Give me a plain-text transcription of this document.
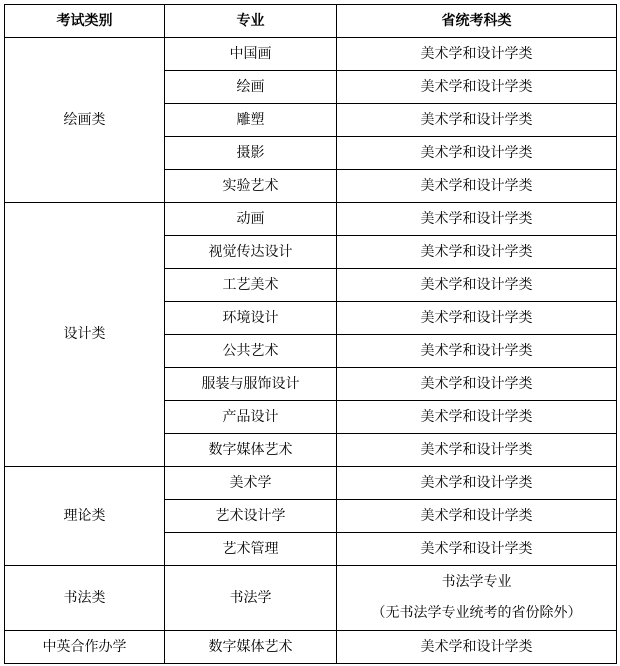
考试类别	专业	省统考科类
绘画类	中国画	美术学和设计学类
	绘画	美术学和设计学类
	雕塑	美术学和设计学类
	摄影	美术学和设计学类
	实验艺术	美术学和设计学类
设计类	动画	美术学和设计学类
	视觉传达设计	美术学和设计学类
	工艺美术	美术学和设计学类
	环境设计	美术学和设计学类
	公共艺术	美术学和设计学类
	服装与服饰设计	美术学和设计学类
	产品设计	美术学和设计学类
	数字媒体艺术	美术学和设计学类
理论类	美术学	美术学和设计学类
	艺术设计学	美术学和设计学类
	艺术管理	美术学和设计学类
书法类	书法学	书法学专业
（无书法学专业统考的省份除外）

中英合作办学	数字媒体艺术	美术学和设计学类
